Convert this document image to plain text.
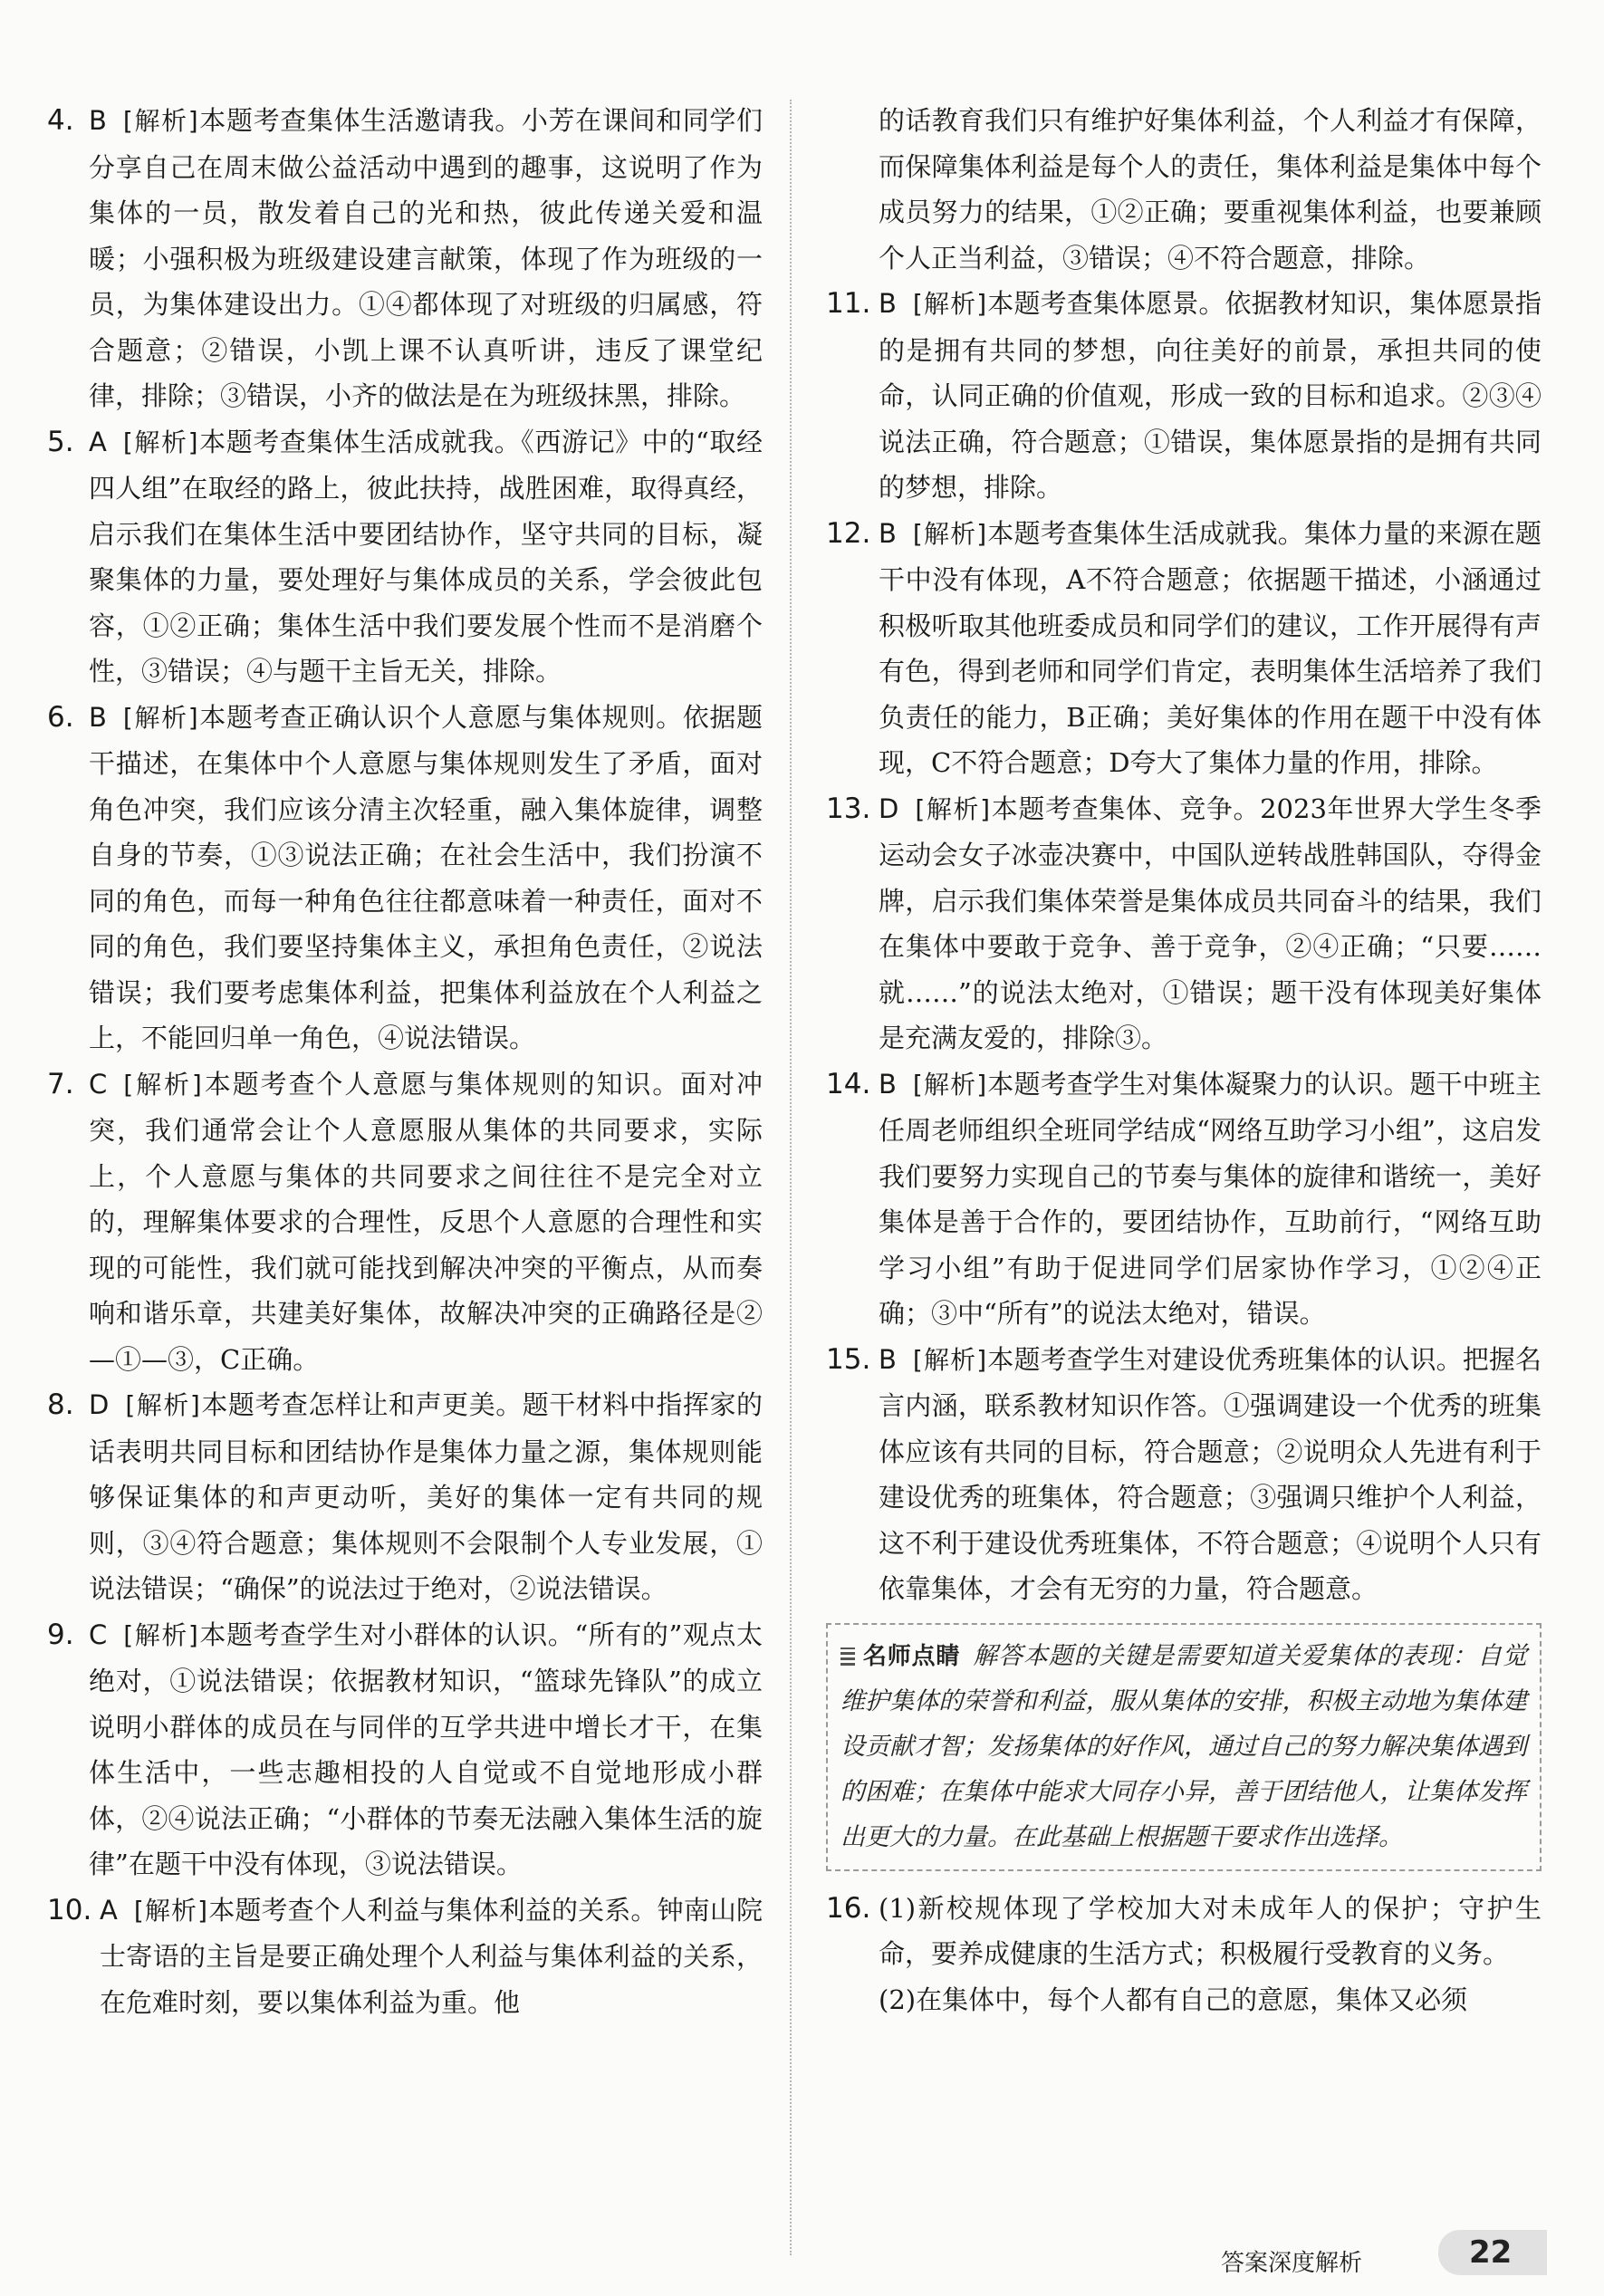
4. B [解析]本题考查集体生活邀请我。小芳在课间和同学们分享自己在周末做公益活动中遇到的趣事，这说明了作为集体的一员，散发着自己的光和热，彼此传递关爱和温暖；小强积极为班级建设建言献策，体现了作为班级的一员，为集体建设出力。①④都体现了对班级的归属感，符合题意；②错误，小凯上课不认真听讲，违反了课堂纪律，排除；③错误，小齐的做法是在为班级抹黑，排除。

5. A [解析]本题考查集体生活成就我。《西游记》中的“取经四人组”在取经的路上，彼此扶持，战胜困难，取得真经，启示我们在集体生活中要团结协作，坚守共同的目标，凝聚集体的力量，要处理好与集体成员的关系，学会彼此包容，①②正确；集体生活中我们要发展个性而不是消磨个性，③错误；④与题干主旨无关，排除。

6. B [解析]本题考查正确认识个人意愿与集体规则。依据题干描述，在集体中个人意愿与集体规则发生了矛盾，面对角色冲突，我们应该分清主次轻重，融入集体旋律，调整自身的节奏，①③说法正确；在社会生活中，我们扮演不同的角色，而每一种角色往往都意味着一种责任，面对不同的角色，我们要坚持集体主义，承担角色责任，②说法错误；我们要考虑集体利益，把集体利益放在个人利益之上，不能回归单一角色，④说法错误。

7. C [解析]本题考查个人意愿与集体规则的知识。面对冲突，我们通常会让个人意愿服从集体的共同要求，实际上，个人意愿与集体的共同要求之间往往不是完全对立的，理解集体要求的合理性，反思个人意愿的合理性和实现的可能性，我们就可能找到解决冲突的平衡点，从而奏响和谐乐章，共建美好集体，故解决冲突的正确路径是②—①—③，C正确。

8. D [解析]本题考查怎样让和声更美。题干材料中指挥家的话表明共同目标和团结协作是集体力量之源，集体规则能够保证集体的和声更动听，美好的集体一定有共同的规则，③④符合题意；集体规则不会限制个人专业发展，①说法错误；“确保”的说法过于绝对，②说法错误。

9. C [解析]本题考查学生对小群体的认识。“所有的”观点太绝对，①说法错误；依据教材知识，“篮球先锋队”的成立说明小群体的成员在与同伴的互学共进中增长才干，在集体生活中，一些志趣相投的人自觉或不自觉地形成小群体，②④说法正确；“小群体的节奏无法融入集体生活的旋律”在题干中没有体现，③说法错误。

10. A [解析]本题考查个人利益与集体利益的关系。钟南山院士寄语的主旨是要正确处理个人利益与集体利益的关系，在危难时刻，要以集体利益为重。他

的话教育我们只有维护好集体利益，个人利益才有保障，而保障集体利益是每个人的责任，集体利益是集体中每个成员努力的结果，①②正确；要重视集体利益，也要兼顾个人正当利益，③错误；④不符合题意，排除。

11. B [解析]本题考查集体愿景。依据教材知识，集体愿景指的是拥有共同的梦想，向往美好的前景，承担共同的使命，认同正确的价值观，形成一致的目标和追求。②③④说法正确，符合题意；①错误，集体愿景指的是拥有共同的梦想，排除。

12. B [解析]本题考查集体生活成就我。集体力量的来源在题干中没有体现，A不符合题意；依据题干描述，小涵通过积极听取其他班委成员和同学们的建议，工作开展得有声有色，得到老师和同学们肯定，表明集体生活培养了我们负责任的能力，B正确；美好集体的作用在题干中没有体现，C不符合题意；D夸大了集体力量的作用，排除。

13. D [解析]本题考查集体、竞争。2023年世界大学生冬季运动会女子冰壶决赛中，中国队逆转战胜韩国队，夺得金牌，启示我们集体荣誉是集体成员共同奋斗的结果，我们在集体中要敢于竞争、善于竞争，②④正确；“只要……就……”的说法太绝对，①错误；题干没有体现美好集体是充满友爱的，排除③。

14. B [解析]本题考查学生对集体凝聚力的认识。题干中班主任周老师组织全班同学结成“网络互助学习小组”，这启发我们要努力实现自己的节奏与集体的旋律和谐统一，美好集体是善于合作的，要团结协作，互助前行，“网络互助学习小组”有助于促进同学们居家协作学习，①②④正确；③中“所有”的说法太绝对，错误。

15. B [解析]本题考查学生对建设优秀班集体的认识。把握名言内涵，联系教材知识作答。①强调建设一个优秀的班集体应该有共同的目标，符合题意；②说明众人先进有利于建设优秀的班集体，符合题意；③强调只维护个人利益，这不利于建设优秀班集体，不符合题意；④说明个人只有依靠集体，才会有无穷的力量，符合题意。

名师点睛 解答本题的关键是需要知道关爱集体的表现：自觉维护集体的荣誉和利益，服从集体的安排，积极主动地为集体建设贡献才智；发扬集体的好作风，通过自己的努力解决集体遇到的困难；在集体中能求大同存小异，善于团结他人，让集体发挥出更大的力量。在此基础上根据题干要求作出选择。
16. (1)新校规体现了学校加大对未成年人的保护；守护生命，要养成健康的生活方式；积极履行受教育的义务。

(2)在集体中，每个人都有自己的意愿，集体又必须

答案深度解析	22
